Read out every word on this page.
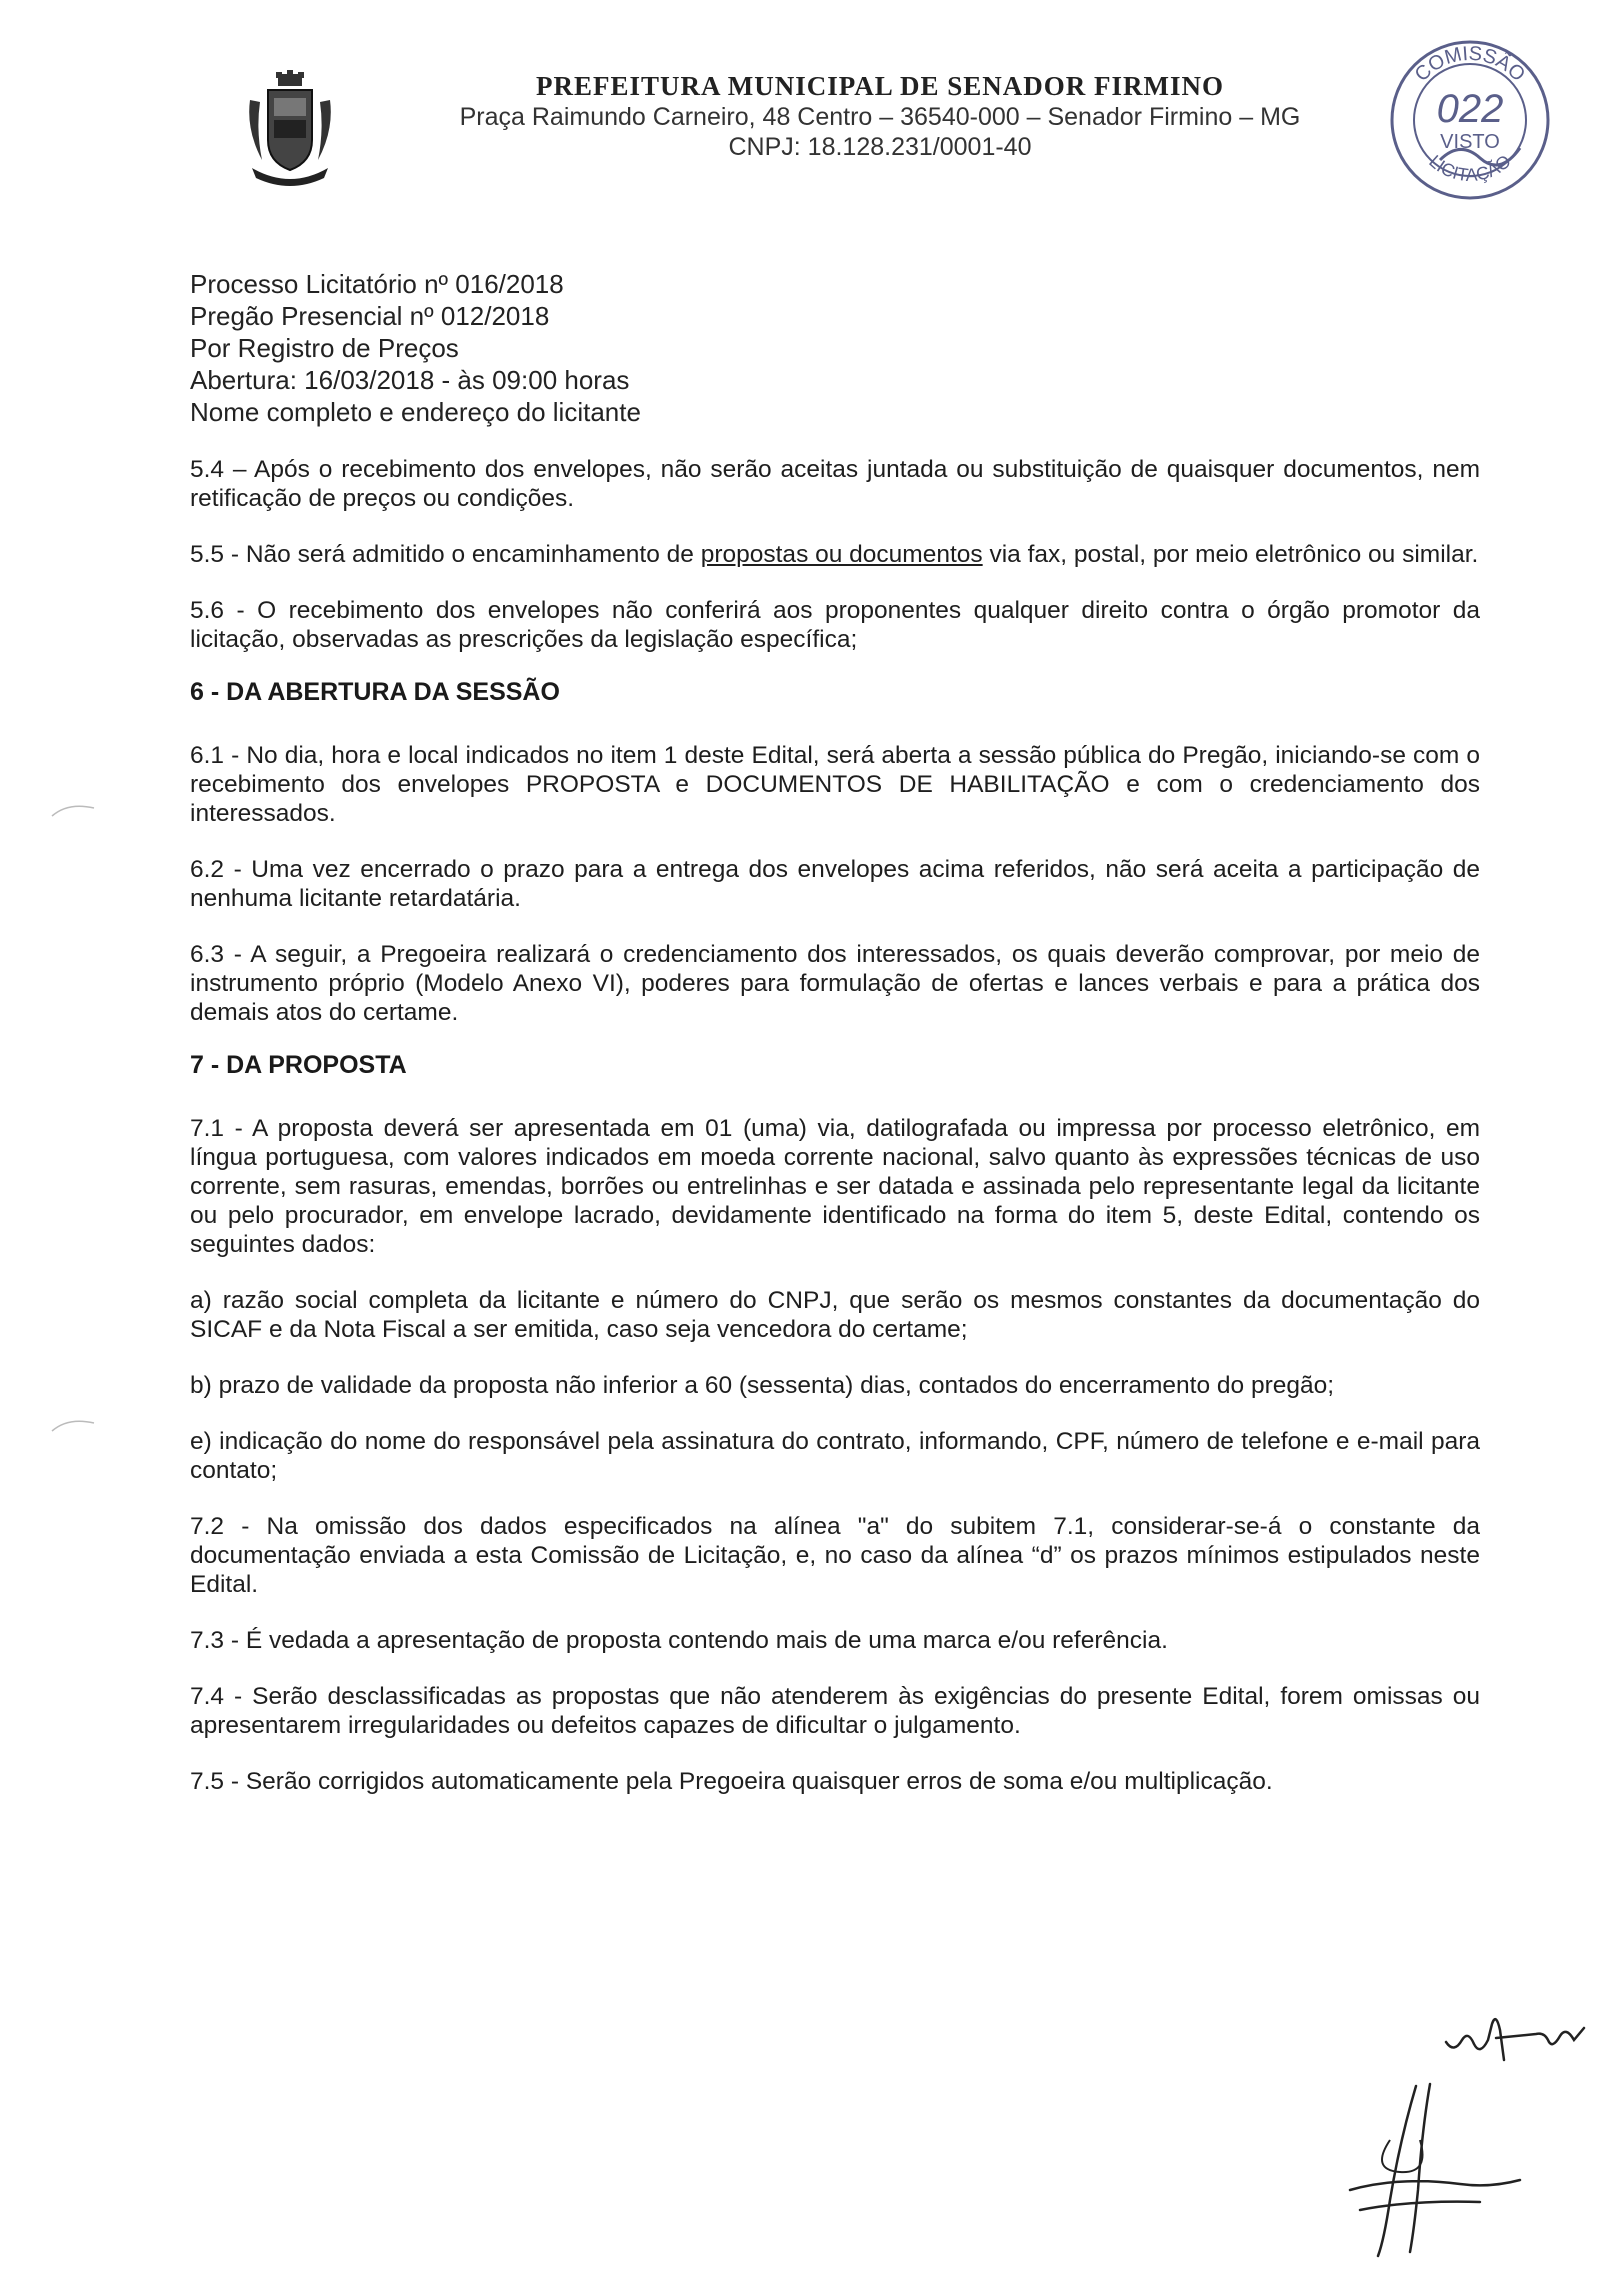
PREFEITURA MUNICIPAL DE SENADOR FIRMINO
Praça Raimundo Carneiro, 48 Centro – 36540-000 – Senador Firmino – MG
CNPJ: 18.128.231/0001-40
COMISSÃO
022
VISTO
LICITAÇÃO
Processo Licitatório nº 016/2018
Pregão Presencial nº 012/2018
Por Registro de Preços
Abertura: 16/03/2018 - às 09:00 horas
Nome completo e endereço do licitante

5.4 – Após o recebimento dos envelopes, não serão aceitas juntada ou substituição de quaisquer documentos, nem retificação de preços ou condições.

5.5 - Não será admitido o encaminhamento de propostas ou documentos via fax, postal, por meio eletrônico ou similar.

5.6 - O recebimento dos envelopes não conferirá aos proponentes qualquer direito contra o órgão promotor da licitação, observadas as prescrições da legislação específica;

6 - DA ABERTURA DA SESSÃO

6.1 - No dia, hora e local indicados no item 1 deste Edital, será aberta a sessão pública do Pregão, iniciando-se com o recebimento dos envelopes PROPOSTA e DOCUMENTOS DE HABILITAÇÃO e com o credenciamento dos interessados.

6.2 - Uma vez encerrado o prazo para a entrega dos envelopes acima referidos, não será aceita a participação de nenhuma licitante retardatária.

6.3 - A seguir, a Pregoeira realizará o credenciamento dos interessados, os quais deverão comprovar, por meio de instrumento próprio (Modelo Anexo VI), poderes para formulação de ofertas e lances verbais e para a prática dos demais atos do certame.

7 - DA PROPOSTA

7.1 - A proposta deverá ser apresentada em 01 (uma) via, datilografada ou impressa por processo eletrônico, em língua portuguesa, com valores indicados em moeda corrente nacional, salvo quanto às expressões técnicas de uso corrente, sem rasuras, emendas, borrões ou entrelinhas e ser datada e assinada pelo representante legal da licitante ou pelo procurador, em envelope lacrado, devidamente identificado na forma do item 5, deste Edital, contendo os seguintes dados:

a) razão social completa da licitante e número do CNPJ, que serão os mesmos constantes da documentação do SICAF e da Nota Fiscal a ser emitida, caso seja vencedora do certame;

b) prazo de validade da proposta não inferior a 60 (sessenta) dias, contados do encerramento do pregão;

e) indicação do nome do responsável pela assinatura do contrato, informando, CPF, número de telefone e e-mail para contato;

7.2 - Na omissão dos dados especificados na alínea "a" do subitem 7.1, considerar-se-á o constante da documentação enviada a esta Comissão de Licitação, e, no caso da alínea “d” os prazos mínimos estipulados neste Edital.

7.3 - É vedada a apresentação de proposta contendo mais de uma marca e/ou referência.

7.4 - Serão desclassificadas as propostas que não atenderem às exigências do presente Edital, forem omissas ou apresentarem irregularidades ou defeitos capazes de dificultar o julgamento.

7.5 - Serão corrigidos automaticamente pela Pregoeira quaisquer erros de soma e/ou multiplicação.
